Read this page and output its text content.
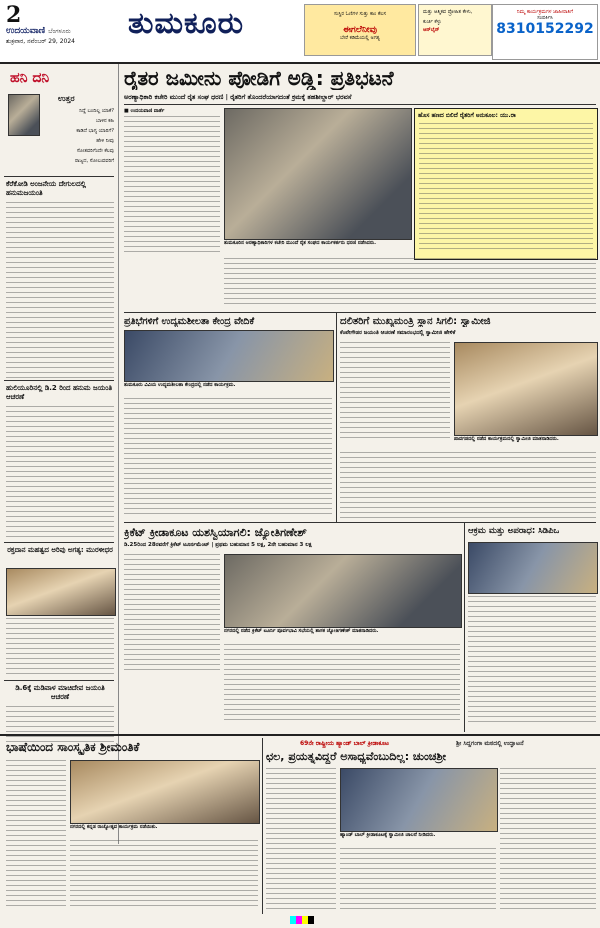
2
ಉದಯವಾಣಿ ಬೆಂಗಳೂರು
ಶುಕ್ರವಾರ, ನವೆಂಬರ್ 29, 2024
ತುಮಕೂರು	ಸುಸ್ಥಿರ ಓಣಿಗಳ ಸುತ್ತು ಕಾಂ ಕೆಲಸ
ಈಗಲೆನೀವು
ಬೇರೆ ಕಡಿಮೆಯಲ್ಲಿ ಅಗತ್ಯ
ಮತ್ತು ಆತ್ಮಿಕವ ಪ್ರೋಹಿತ ಕೇಳು,
ಕುರ್ಚಿ ಕೆಳ್ಳು
ಆನ್‌ಲೈನ್
ನಿಮ್ಮ ಕಾರ್ಯಕ್ರಮಗಳ ಜಾಹೀರಾತಿಗೆ
ಸಂಪರ್ಕಿಸಿ
8310152292
ಹನಿ ದನಿ
ಉತ್ತರ
ನಿದ್ದೆ ಬಂದಿಲ್ಲ ಯಾಕೆ?
ಬಾಳಿನ ಕಹಿ
ಕಾಡಿದೆ ಭಾಗ್ಯ ಯಾರಿಗೆ?
ಹೇಳಿ ನೀವು
ಸೋತವರಿಗೆಂದೇ ಕೆಲವು
ರಾಜ್ಯದ, ಸೋಲುವವರಿಗೆ
ಕೆರೆಕೋಡಿ ಅಂಜನೇಯ ದೇಗುಲದಲ್ಲಿ ಹನುಮಜಯಂತಿ
ಹುಲಿಯೂರಿನಲ್ಲಿ ಡಿ.2 ರಿಂದ ಹನುಮ ಜಯಂತಿ ಆಚರಣೆ
ರಕ್ತದಾನ ಮಹತ್ವದ ಅರಿವು ಅಗತ್ಯ: ಮುರಳೀಧರ
ಡಿ.6ಕ್ಕೆ ಮಡಿವಾಳ ಮಾಚಿದೇವ ಜಯಂತಿ ಆಚರಣೆ
ರೈತರ ಜಮೀನು ಪೋಡಿಗೆ ಅಡ್ಡಿ: ಪ್ರತಿಭಟನೆ
ಅರಣ್ಯಾಧಿಕಾರಿ ಕಚೇರಿ ಮುಂದೆ ರೈತ ಸಂಘ ಧರಣಿ | ರೈತರಿಗೆ ತೊಂದರೆಯಾಗದಂತೆ ಕ್ರಮಕ್ಕೆ ತಹಶೀಲ್ದಾರ್ ಭರವಸೆ
■ ಉದಯವಾಣಿ ವಾರ್ತೆ
ತುಮಕೂರಿನ ಅರಣ್ಯಾಧಿಕಾರಿಗಳ ಕಚೇರಿ ಮುಂದೆ ರೈತ ಸಂಘದ ಕಾರ್ಯಕರ್ತರು ಧರಣಿ ನಡೆಸಿದರು.
ಹೊಸ ಹಣದ ಬಿಲಿದೆ ರೈತರಿಗೆ ಅನುಕೂಲ: ಯು.ರಾ
ಪ್ರತಿಭೆಗಳಿಗೆ ಉದ್ಯಮಶೀಲತಾ ಕೇಂದ್ರ ವೇದಿಕೆ
ತುಮಕೂರು ವಿವಿಯ ಉದ್ಯಮಶೀಲತಾ ಕೇಂದ್ರದಲ್ಲಿ ನಡೆದ ಕಾರ್ಯಕ್ರಮ.
ದಲಿತರಿಗೆ ಮುಖ್ಯಮಂತ್ರಿ ಸ್ಥಾನ ಸಿಗಲಿ: ಸ್ವಾಮೀಜಿ
ಕೆಂಪೇಗೌಡರ ಜಯಂತಿ ಆಚರಣೆ ಸಮಾರಂಭದಲ್ಲಿ ಸ್ವಾಮೀಜಿ ಹೇಳಿಕೆ
ಪಾವಗಡದಲ್ಲಿ ನಡೆದ ಕಾರ್ಯಕ್ರಮದಲ್ಲಿ ಸ್ವಾಮೀಜಿ ಮಾತನಾಡಿದರು.
ಕ್ರಿಕೆಟ್ ಕ್ರೀಡಾಕೂಟ ಯಶಸ್ವಿಯಾಗಲಿ: ಜ್ಯೋತಿಗಣೇಶ್
ಡಿ.25ರಿಂದ 28ರವರೆಗೆ ಕ್ರಿಕೆಟ್ ಟೂರ್ನಮೆಂಟ್ | ಪ್ರಥಮ ಬಹುಮಾನ 5 ಲಕ್ಷ, 2ನೇ ಬಹುಮಾನ 3 ಲಕ್ಷ
ನಗರದಲ್ಲಿ ನಡೆದ ಕ್ರಿಕೆಟ್ ಟೂರ್ನಿ ಪೂರ್ವಭಾವಿ ಸಭೆಯಲ್ಲಿ ಶಾಸಕ ಜ್ಯೋತಿಗಣೇಶ್ ಮಾತನಾಡಿದರು.
ಆಕ್ರಮ ಮತ್ತು ಅಪರಾಧ: ಸಿಡಿಪಿಒ
ಭಾಷೆಯಿಂದ ಸಾಂಸ್ಕೃತಿಕ ಶ್ರೀಮಂತಿಕೆ
ನಗರದಲ್ಲಿ ಕನ್ನಡ ರಾಜ್ಯೋತ್ಸವ ಕಾರ್ಯಕ್ರಮ ನಡೆಯಿತು.
69ನೇ ರಾಷ್ಟ್ರೀಯ ಹ್ಯಾಂಡ್ ಬಾಲ್ ಕ್ರೀಡಾಕೂಟ	ಶ್ರೀ ಸಿದ್ದಗಂಗಾ ಮಠದಲ್ಲಿ ಉದ್ಘಾಟನೆ
ಛಲ, ಪ್ರಯತ್ನವಿದ್ದರೆ ಅಸಾಧ್ಯವೆಂಬುದಿಲ್ಲ: ಚುಂಚಶ್ರೀ
ಹ್ಯಾಂಡ್ ಬಾಲ್ ಕ್ರೀಡಾಕೂಟಕ್ಕೆ ಸ್ವಾಮೀಜಿ ಚಾಲನೆ ನೀಡಿದರು.
